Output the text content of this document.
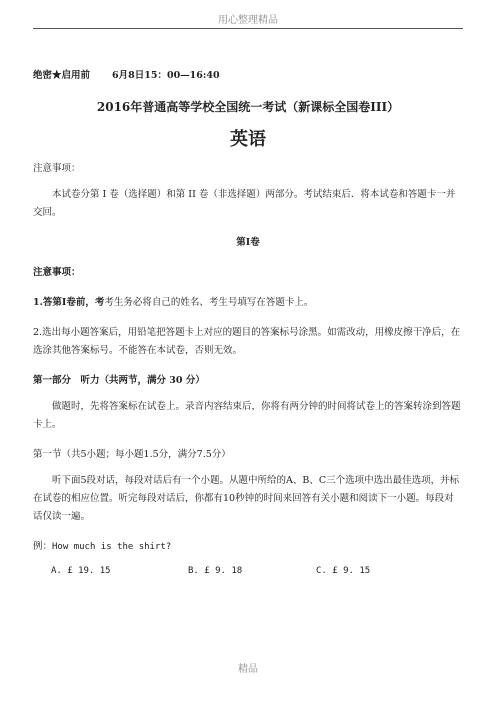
用心整理精品

绝密★启用前 6月8日15：00—16:40

2016年普通高等学校全国统一考试（新课标全国卷III）
英语

注意事项：

本试卷分第 I 卷（选择题）和第 II 卷（非选择题）两部分。考试结束后．将本试卷和答题卡一并交回。

第Ⅰ卷

注意事项：

1.答第Ⅰ卷前，考考生务必将自己的姓名、考生号填写在答题卡上。

2.选出每小题答案后，用铅笔把答题卡上对应的题目的答案标号涂黑。如需改动，用橡皮擦干净后，在选涂其他答案标号。不能答在本试卷，否则无效。

第一部分　听力（共两节，满分 30 分）

做题时，先将答案标在试卷上。录音内容结束后，你将有两分钟的时间将试卷上的答案转涂到答题卡上。

第一节（共5小题；每小题1.5分，满分7.5分）

听下面5段对话，每段对话后有一个小题。从题中所给的A、B、C三个选项中选出最佳选项，并标在试卷的相应位置。听完每段对话后，你都有10秒钟的时间来回答有关小题和阅读下一小题。每段对话仅读一遍。

例：How much is the shirt?

A. £ 19. 15	B. £ 9. 18	C. £ 9. 15
精品
